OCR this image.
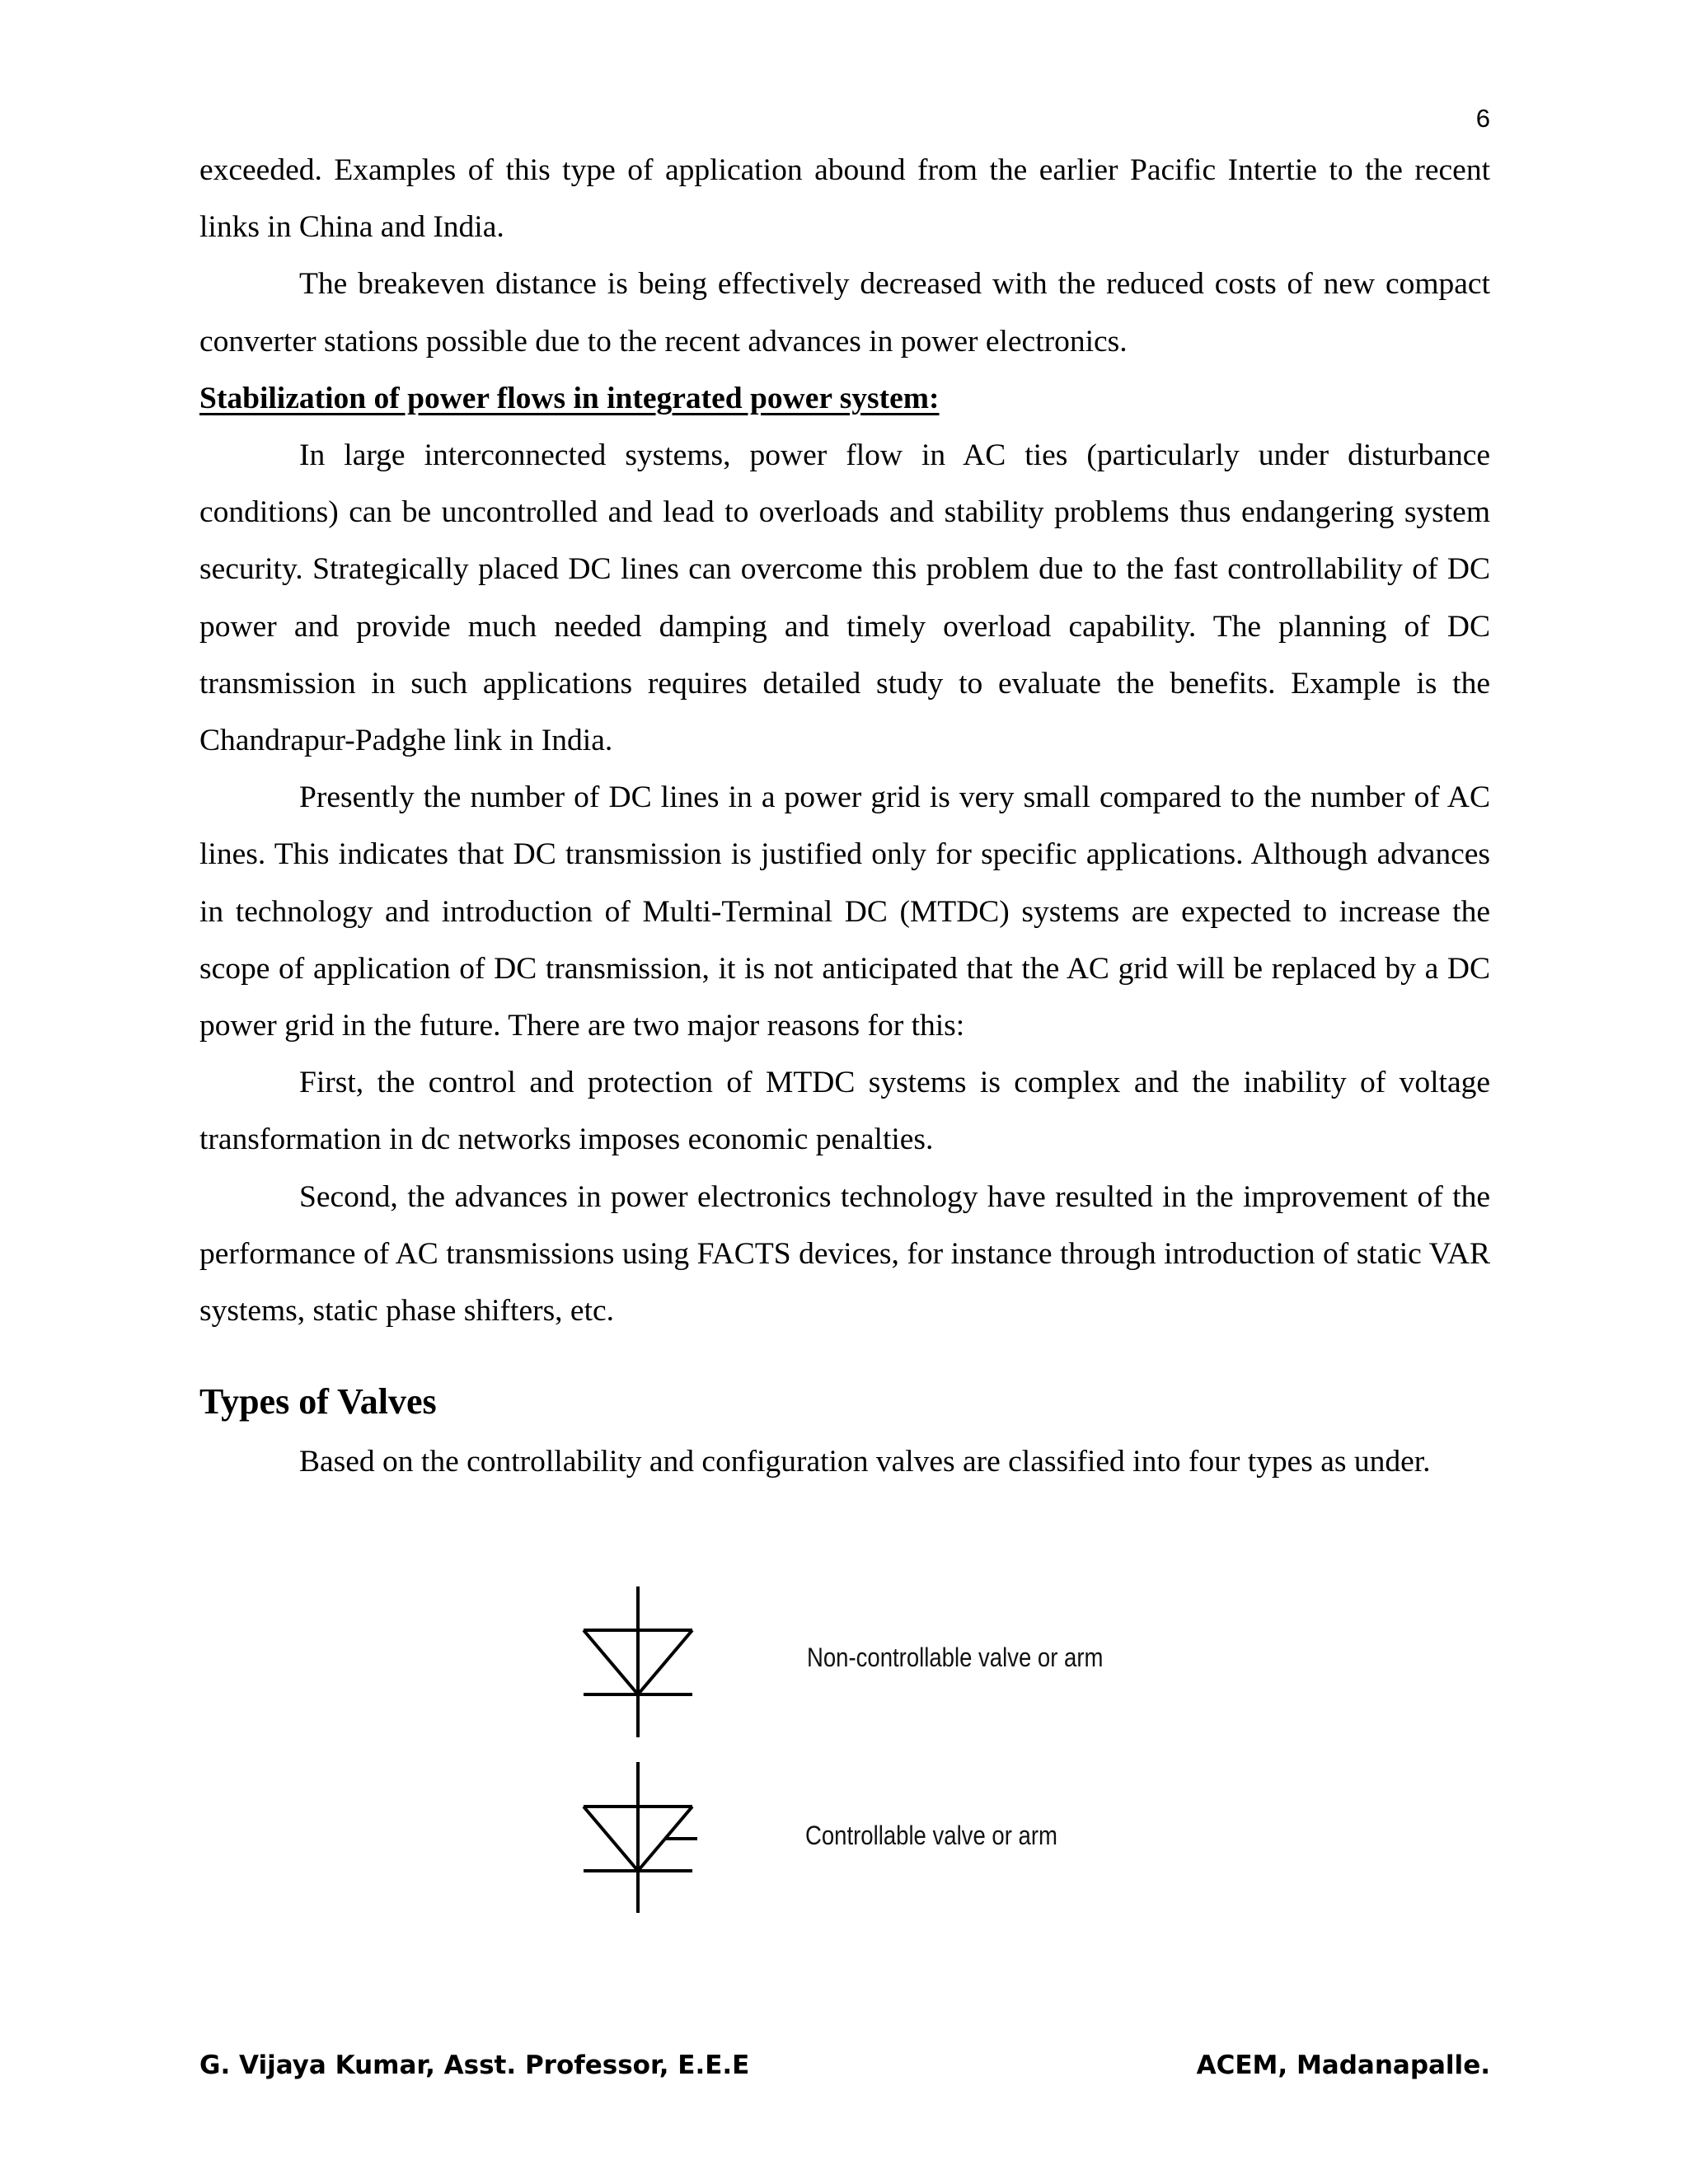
6

exceeded. Examples of this type of application abound from the earlier Pacific Intertie to the recent links in China and India.

The breakeven distance is being effectively decreased with the reduced costs of new compact converter stations possible due to the recent advances in power electronics.

Stabilization of power flows in integrated power system:

In large interconnected systems, power flow in AC ties (particularly under disturbance conditions) can be uncontrolled and lead to overloads and stability problems thus endangering system security. Strategically placed DC lines can overcome this problem due to the fast controllability of DC power and provide much needed damping and timely overload capability. The planning of DC transmission in such applications requires detailed study to evaluate the benefits. Example is the Chandrapur-Padghe link in India.

Presently the number of DC lines in a power grid is very small compared to the number of AC lines. This indicates that DC transmission is justified only for specific applications. Although advances in technology and introduction of Multi-Terminal DC (MTDC) systems are expected to increase the scope of application of DC transmission, it is not anticipated that the AC grid will be replaced by a DC power grid in the future. There are two major reasons for this:

First, the control and protection of MTDC systems is complex and the inability of voltage transformation in dc networks imposes economic penalties.

Second, the advances in power electronics technology have resulted in the improvement of the performance of AC transmissions using FACTS devices, for instance through introduction of static VAR systems, static phase shifters, etc.

Types of Valves

Based on the controllability and configuration valves are classified into four types as under.

Non-controllable valve or arm
Controllable valve or arm
G. Vijaya Kumar, Asst. Professor, E.E.E	ACEM, Madanapalle.
